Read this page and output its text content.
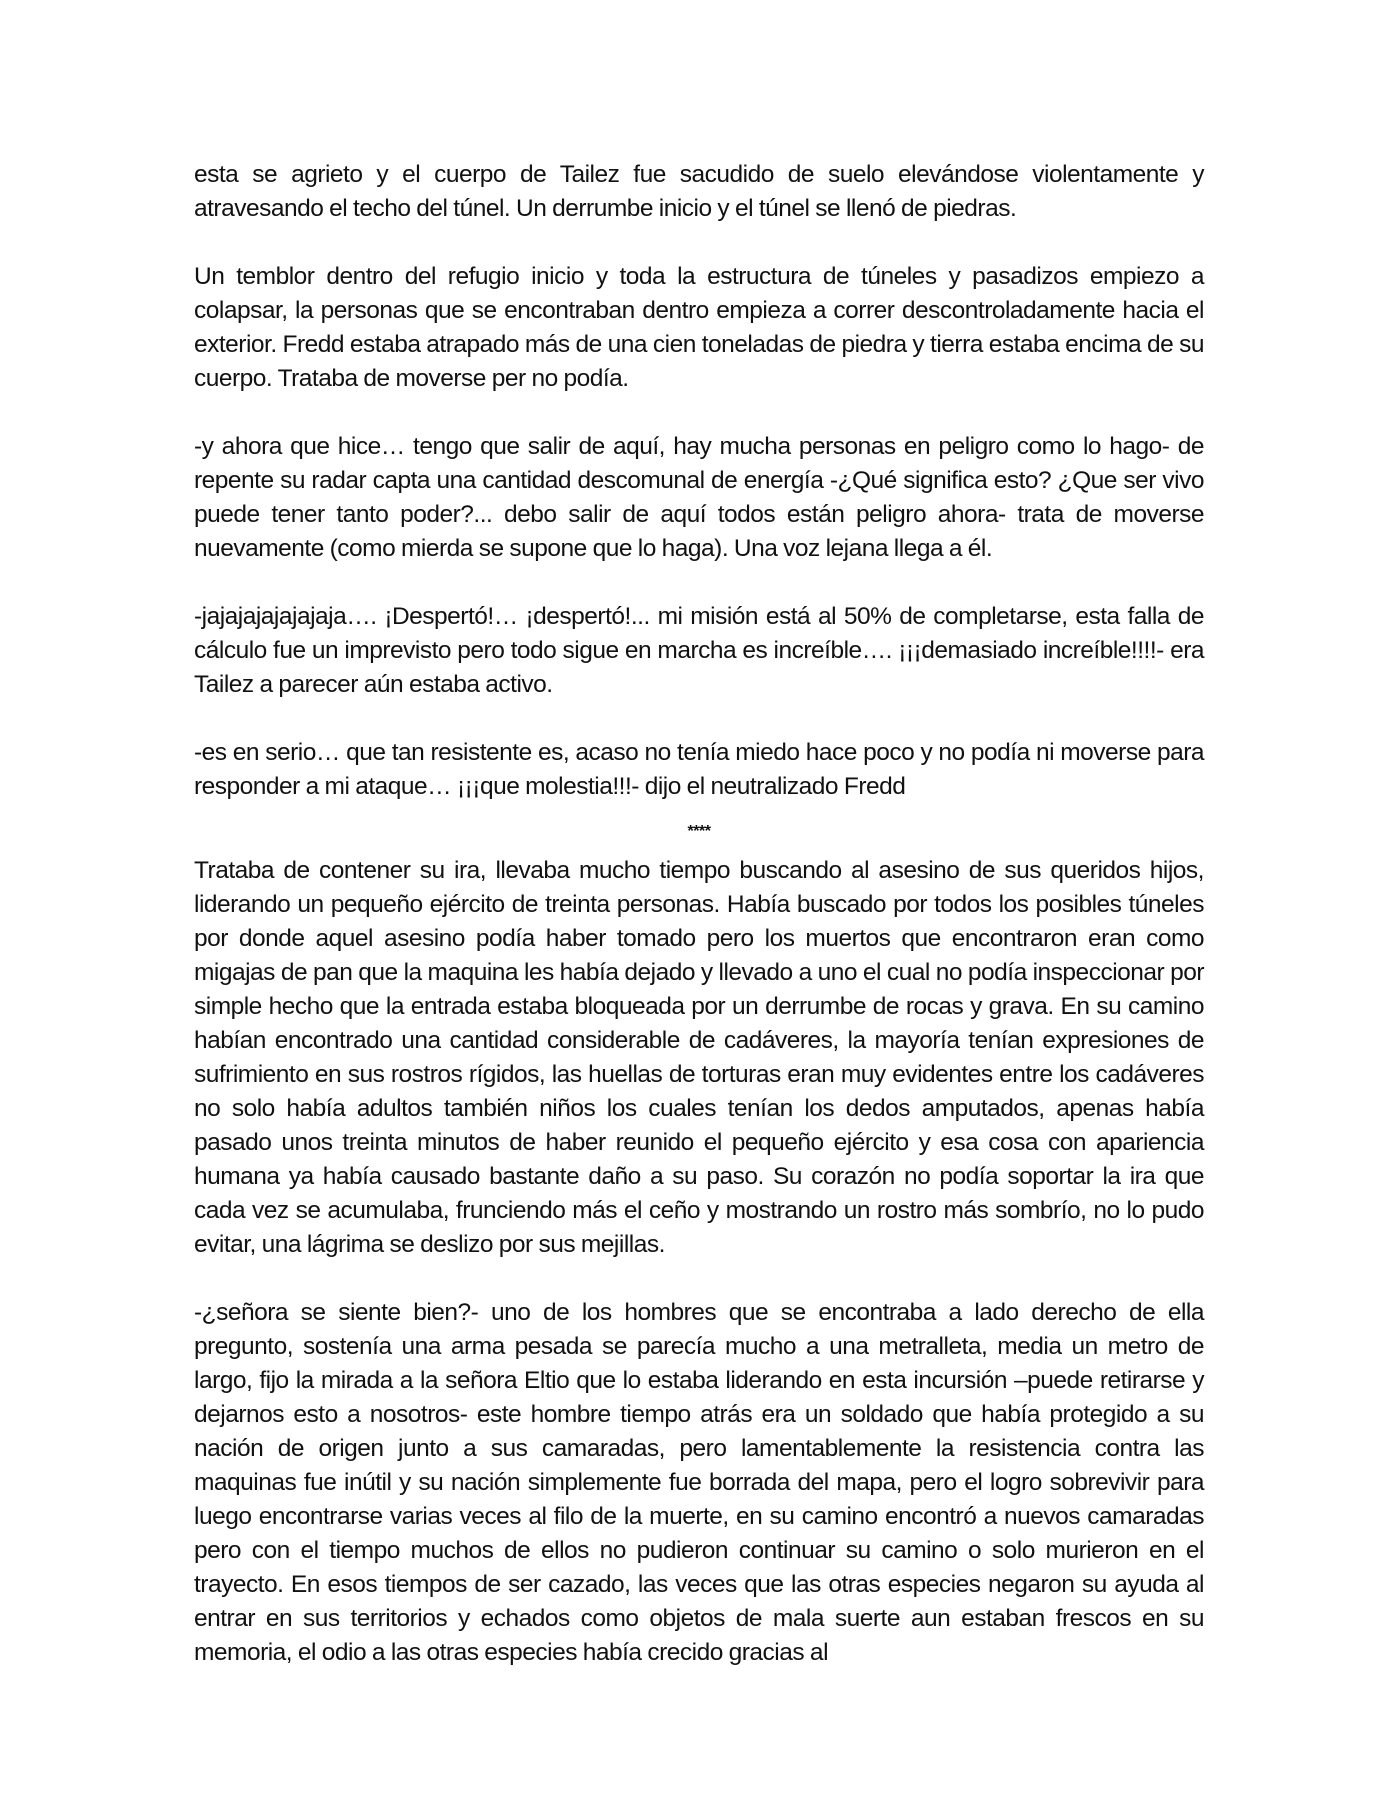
esta se agrieto y el cuerpo de Tailez fue sacudido de suelo elevándose violentamente y atravesando el techo del túnel. Un derrumbe inicio y el túnel se llenó de piedras.

Un temblor dentro del refugio inicio y toda la estructura de túneles y pasadizos empiezo a colapsar, la personas que se encontraban dentro empieza a correr descontroladamente hacia el exterior. Fredd estaba atrapado más de una cien toneladas de piedra y tierra estaba encima de su cuerpo. Trataba de moverse per no podía.

-y ahora que hice… tengo que salir de aquí, hay mucha personas en peligro como lo hago- de repente su radar capta una cantidad descomunal de energía -¿Qué significa esto? ¿Que ser vivo puede tener tanto poder?... debo salir de aquí todos están peligro ahora- trata de moverse nuevamente (como mierda se supone que lo haga). Una voz lejana llega a él.

-jajajajajajajaja…. ¡Despertó!… ¡despertó!... mi misión está al 50% de completarse, esta falla de cálculo fue un imprevisto pero todo sigue en marcha es increíble…. ¡¡¡demasiado increíble!!!!- era Tailez a parecer aún estaba activo.

-es en serio… que tan resistente es, acaso no tenía miedo hace poco y no podía ni moverse para responder a mi ataque… ¡¡¡que molestia!!!- dijo el neutralizado Fredd

****

Trataba de contener su ira, llevaba mucho tiempo buscando al asesino de sus queridos hijos, liderando un pequeño ejército de treinta personas. Había buscado por todos los posibles túneles por donde aquel asesino podía haber tomado pero los muertos que encontraron eran como migajas de pan que la maquina les había dejado y llevado a uno el cual no podía inspeccionar por simple hecho que la entrada estaba bloqueada por un derrumbe de rocas y grava. En su camino habían encontrado una cantidad considerable de cadáveres, la mayoría tenían expresiones de sufrimiento en sus rostros rígidos, las huellas de torturas eran muy evidentes entre los cadáveres no solo había adultos también niños los cuales tenían los dedos amputados, apenas había pasado unos treinta minutos de haber reunido el pequeño ejército y esa cosa con apariencia humana ya había causado bastante daño a su paso. Su corazón no podía soportar la ira que cada vez se acumulaba, frunciendo más el ceño y mostrando un rostro más sombrío, no lo pudo evitar, una lágrima se deslizo por sus mejillas.

-¿señora se siente bien?- uno de los hombres que se encontraba a lado derecho de ella pregunto, sostenía una arma pesada se parecía mucho a una metralleta, media un metro de largo, fijo la mirada a la señora Eltio que lo estaba liderando en esta incursión –puede retirarse y dejarnos esto a nosotros- este hombre tiempo atrás era un soldado que había protegido a su nación de origen junto a sus camaradas, pero lamentablemente la resistencia contra las maquinas fue inútil y su nación simplemente fue borrada del mapa, pero el logro sobrevivir para luego encontrarse varias veces al filo de la muerte, en su camino encontró a nuevos camaradas pero con el tiempo muchos de ellos no pudieron continuar su camino o solo murieron en el trayecto. En esos tiempos de ser cazado, las veces que las otras especies negaron su ayuda al entrar en sus territorios y echados como objetos de mala suerte aun estaban frescos en su memoria, el odio a las otras especies había crecido gracias al
